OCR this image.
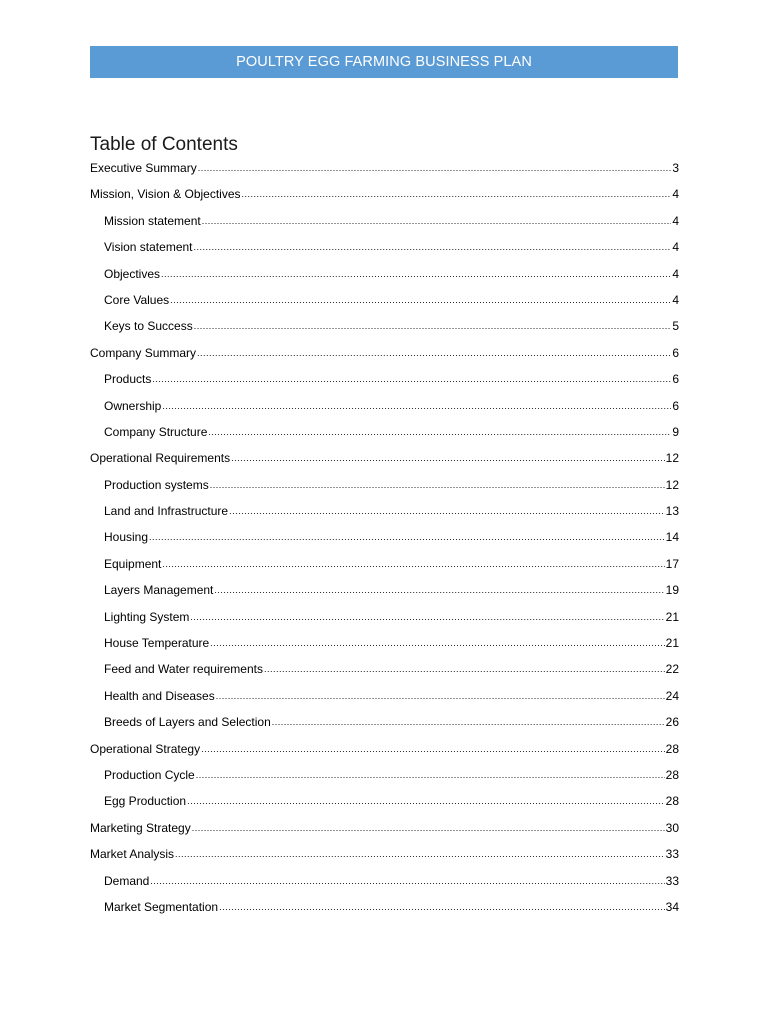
POULTRY EGG FARMING BUSINESS PLAN
Table of Contents
Executive Summary .....	3
Mission, Vision & Objectives .....	4
Mission statement .....	4
Vision statement .....	4
Objectives .....	4
Core Values .....	4
Keys to Success .....	5
Company Summary .....	6
Products .....	6
Ownership .....	6
Company Structure .....	9
Operational Requirements .....	12
Production systems .....	12
Land and Infrastructure .....	13
Housing .....	14
Equipment .....	17
Layers Management .....	19
Lighting System .....	21
House Temperature .....	21
Feed and Water requirements .....	22
Health and Diseases .....	24
Breeds of Layers and Selection .....	26
Operational Strategy .....	28
Production Cycle .....	28
Egg Production .....	28
Marketing Strategy .....	30
Market Analysis .....	33
Demand .....	33
Market Segmentation .....	34
